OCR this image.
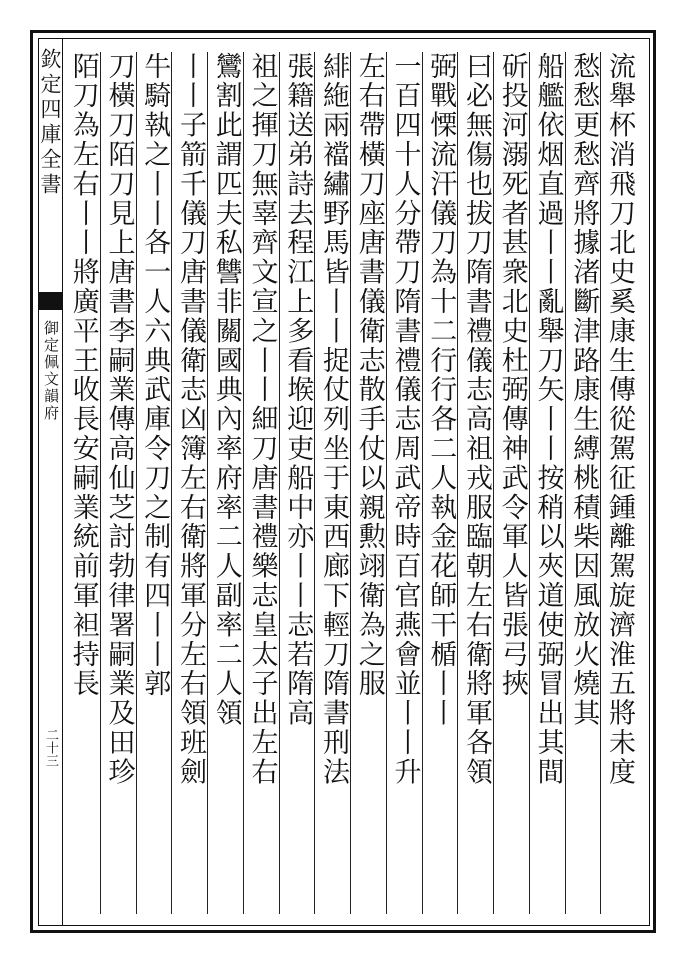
欽定四庫全書
御定佩文韻府
二十三	流舉杯消飛刀北史奚康生傳從駕征鍾離駕旋濟淮五將未度
愁愁更愁齊將據渚斷津路康生縛桃積柴因風放火燒其
船艦依烟直過丨丨亂舉刀矢丨丨按稍以夾道使弼冒出其間
斫投河溺死者甚衆北史杜弼傳神武令軍人皆張弓挾
曰必無傷也拔刀隋書禮儀志高祖戎服臨朝左右衛將軍各領
弼戰慄流汗儀刀為十二行行各二人執金花師干楯丨丨
一百四十人分帶刀隋書禮儀志周武帝時百官燕會並丨丨升
左右帶橫刀座唐書儀衛志散手仗以親勲翊衛為之服
緋絁兩襠繡野馬皆丨丨捉仗列坐于東西廊下輕刀隋書刑法
張籍送弟詩去程江上多看堠迎吏船中亦丨丨志若隋高
祖之揮刀無辜齊文宣之丨丨細刀唐書禮樂志皇太子出左右
鸞割此謂匹夫私讐非關國典內率府率二人副率二人領
丨丨子箭千儀刀唐書儀衛志凶簿左右衛將軍分左右領班劍
牛騎執之丨丨各一人六典武庫令刀之制有四丨丨郭
刀橫刀陌刀見上唐書李嗣業傳高仙芝討勃律署嗣業及田珍
陌刀為左右丨丨將廣平王收長安嗣業統前軍袒持長
